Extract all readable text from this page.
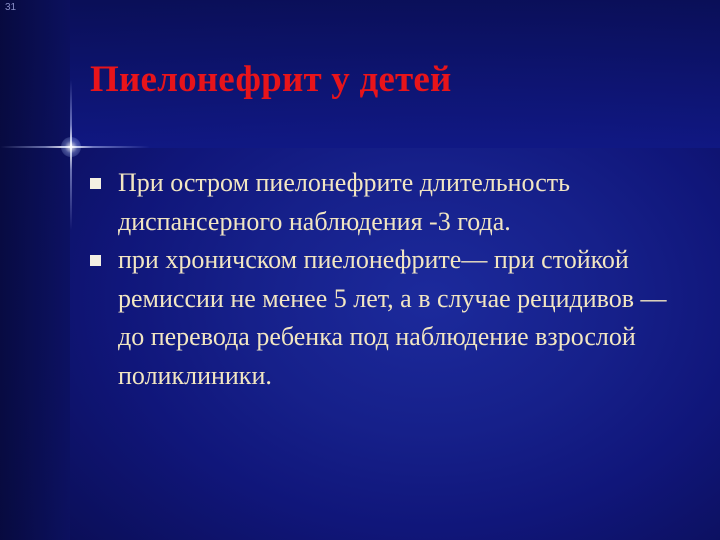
31
Пиелонефрит у детей
При остром пиелонефрите длительность диспансерного наблюдения -3 года.
при хроничском пиелонефрите— при стойкой ремиссии не менее 5 лет, а в случае рецидивов — до перевода ребенка под наблюдение взрослой поликлиники.
